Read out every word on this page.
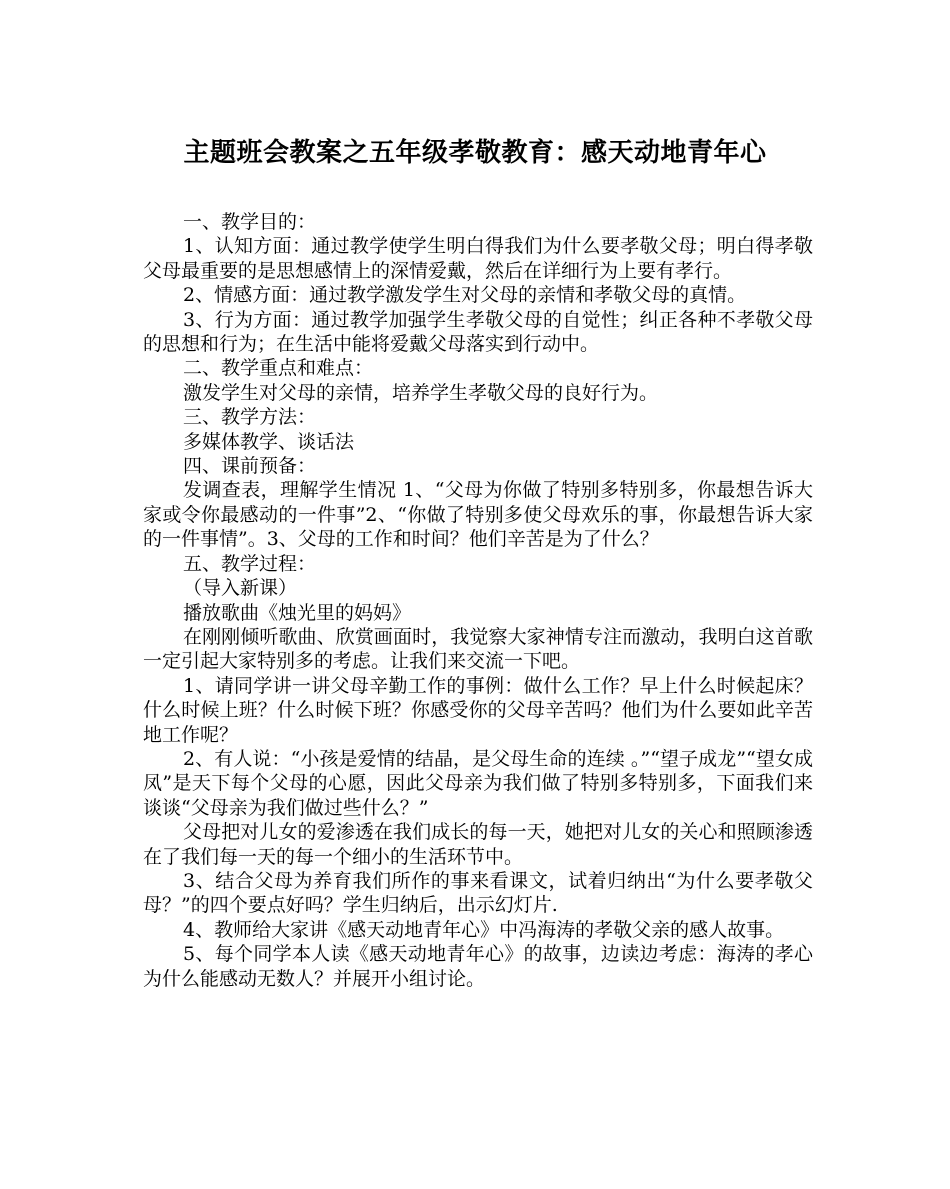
主题班会教案之五年级孝敬教育：感天动地青年心

一、教学目的：

1、认知方面：通过教学使学生明白得我们为什么要孝敬父母；明白得孝敬父母最重要的是思想感情上的深情爱戴，然后在详细行为上要有孝行。

2、情感方面：通过教学激发学生对父母的亲情和孝敬父母的真情。

3、行为方面：通过教学加强学生孝敬父母的自觉性；纠正各种不孝敬父母的思想和行为；在生活中能将爱戴父母落实到行动中。

二、教学重点和难点：

激发学生对父母的亲情，培养学生孝敬父母的良好行为。

三、教学方法：

多媒体教学、谈话法

四、课前预备：

发调查表，理解学生情况 1、“父母为你做了特别多特别多，你最想告诉大家或令你最感动的一件事”2、“你做了特别多使父母欢乐的事，你最想告诉大家的一件事情”。3、父母的工作和时间？他们辛苦是为了什么？

五、教学过程：

（导入新课）

播放歌曲《烛光里的妈妈》

在刚刚倾听歌曲、欣赏画面时，我觉察大家神情专注而激动，我明白这首歌一定引起大家特别多的考虑。让我们来交流一下吧。

1、请同学讲一讲父母辛勤工作的事例：做什么工作？早上什么时候起床？什么时候上班？什么时候下班？你感受你的父母辛苦吗？他们为什么要如此辛苦地工作呢？

2、有人说：“小孩是爱情的结晶，是父母生命的连续 。”“望子成龙”“望女成凤”是天下每个父母的心愿，因此父母亲为我们做了特别多特别多，下面我们来谈谈“父母亲为我们做过些什么？”

父母把对儿女的爱渗透在我们成长的每一天，她把对儿女的关心和照顾渗透在了我们每一天的每一个细小的生活环节中。

3、结合父母为养育我们所作的事来看课文，试着归纳出“为什么要孝敬父母？”的四个要点好吗？学生归纳后，出示幻灯片.

4、教师给大家讲《感天动地青年心》中冯海涛的孝敬父亲的感人故事。

5、每个同学本人读《感天动地青年心》的故事，边读边考虑：海涛的孝心为什么能感动无数人？并展开小组讨论。
